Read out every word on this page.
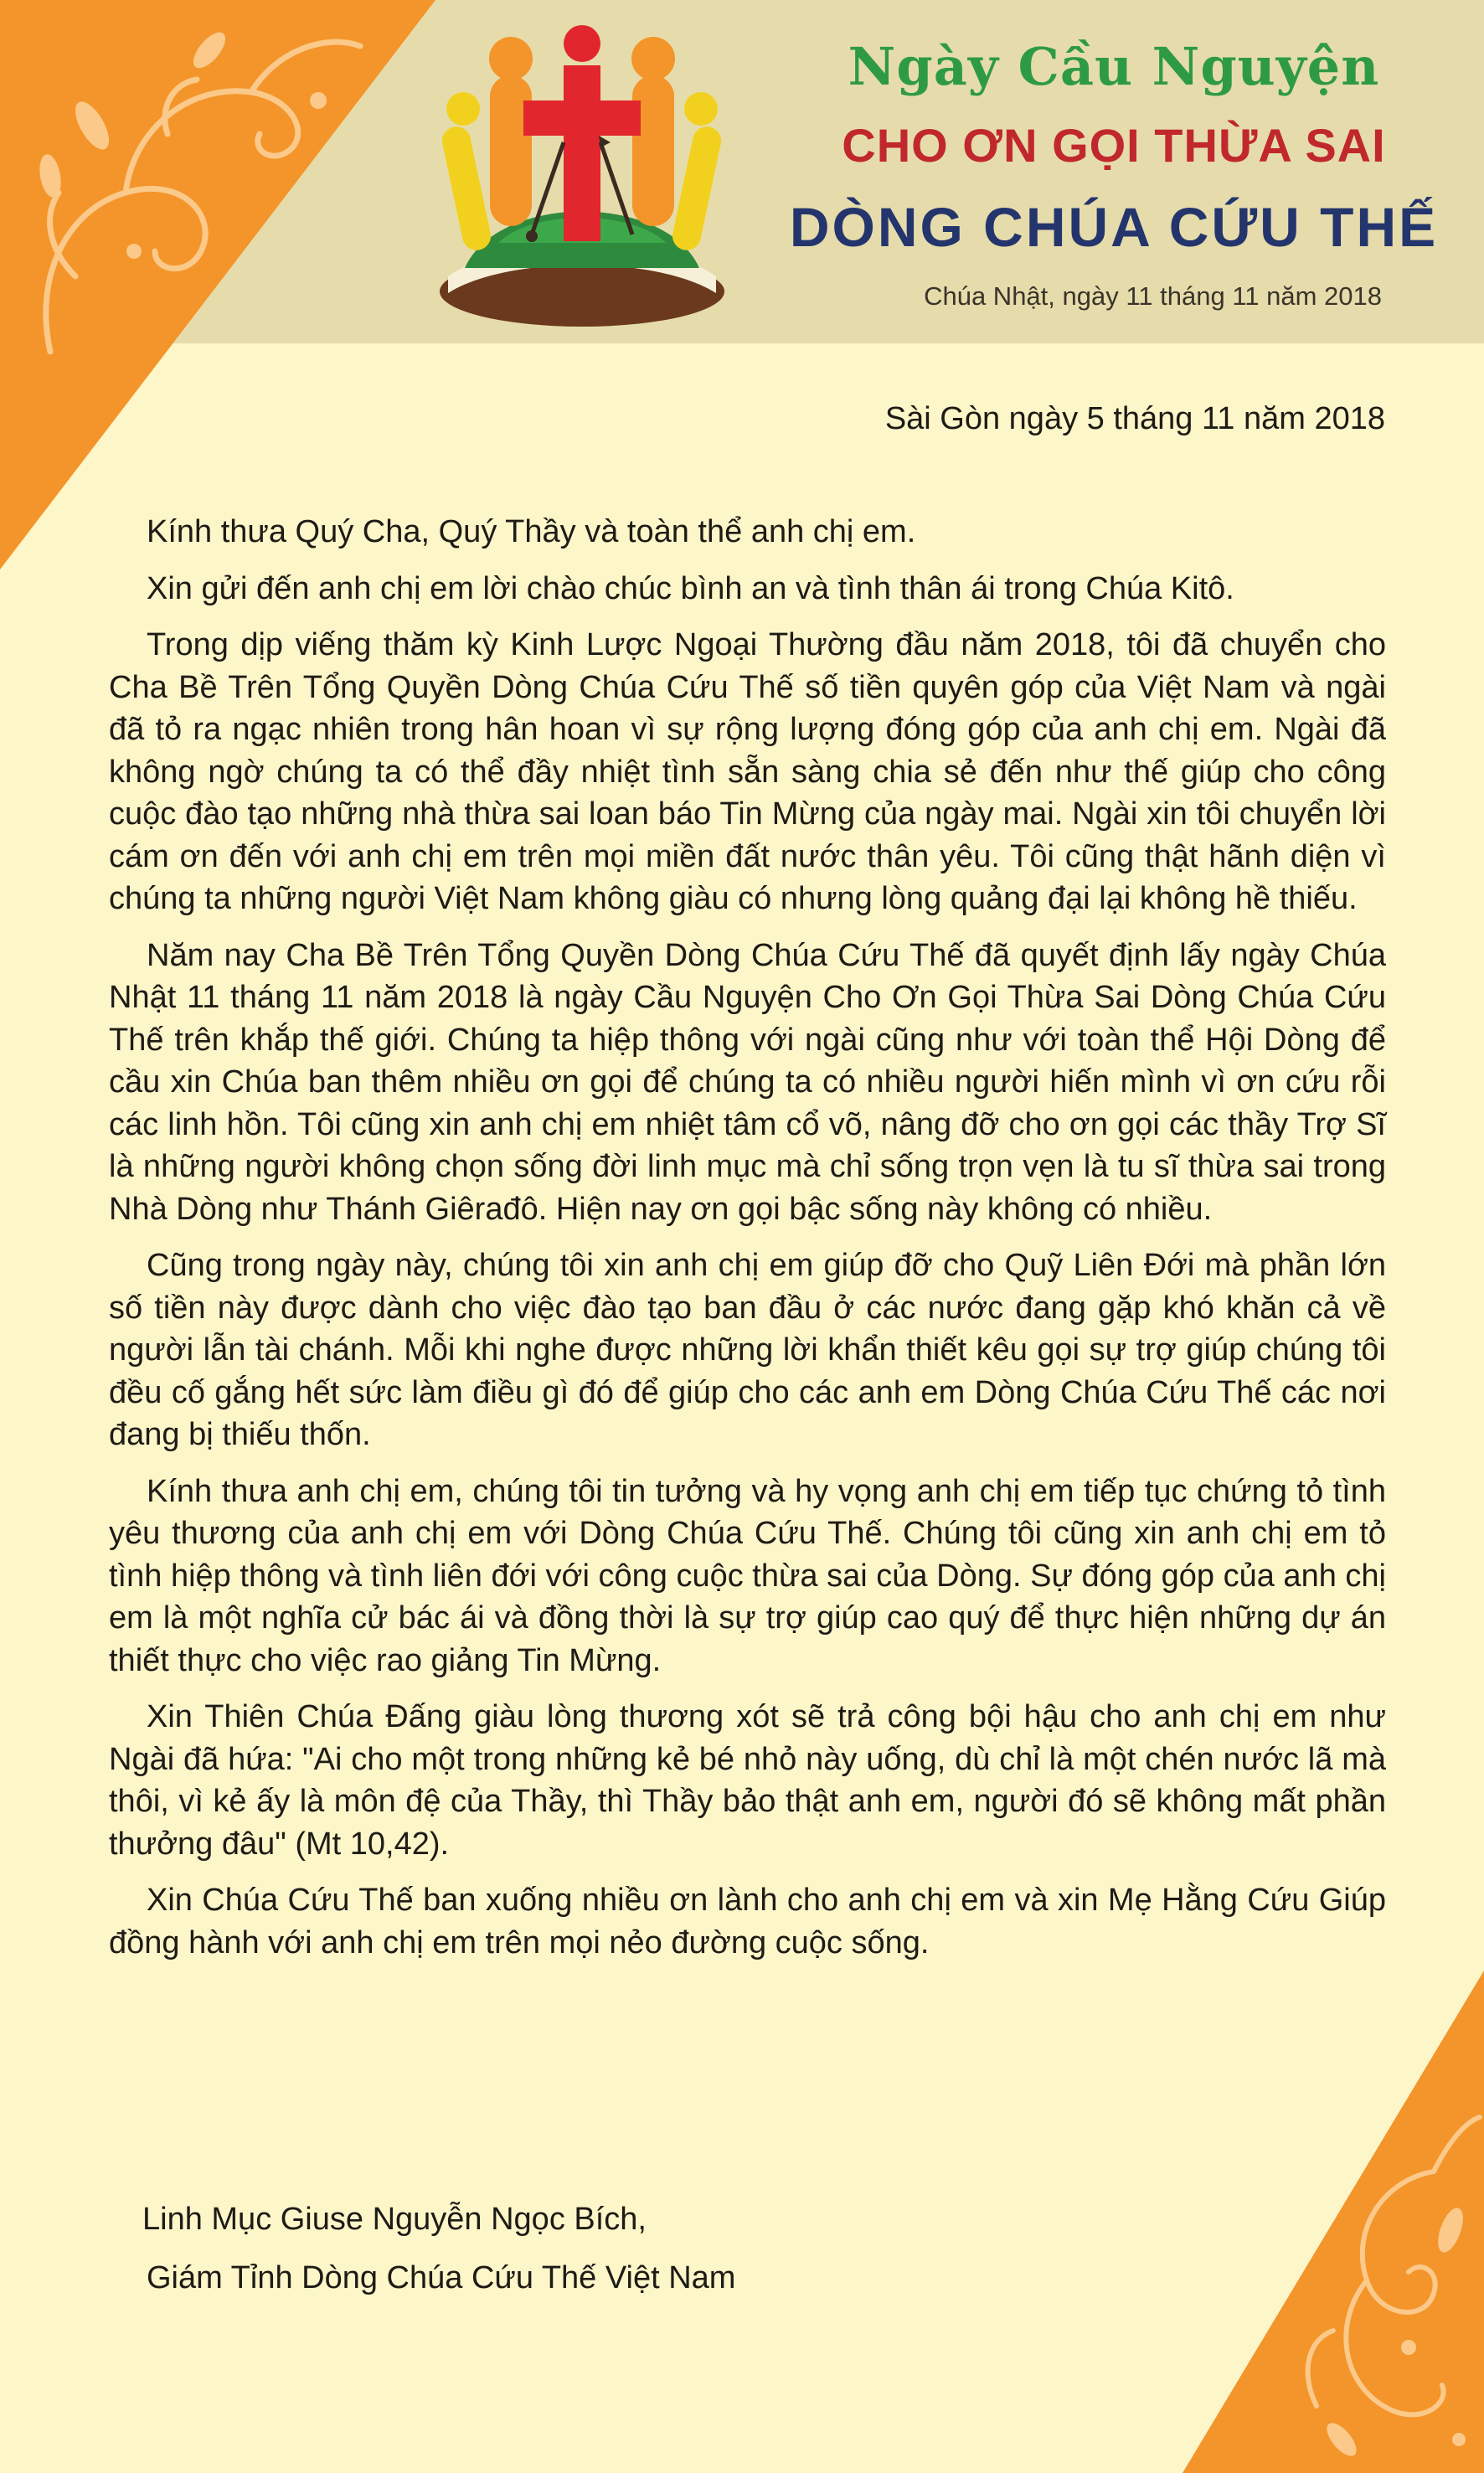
Ngày Cầu Nguyện
CHO ƠN GỌI THỪA SAI
DÒNG CHÚA CỨU THẾ
Chúa Nhật, ngày 11 tháng 11 năm 2018
Sài Gòn ngày 5 tháng 11 năm 2018

Kính thưa Quý Cha, Quý Thầy và toàn thể anh chị em.

Xin gửi đến anh chị em lời chào chúc bình an và tình thân ái trong Chúa Kitô.

Trong dịp viếng thăm kỳ Kinh Lược Ngoại Thường đầu năm 2018, tôi đã chuyển cho Cha Bề Trên Tổng Quyền Dòng Chúa Cứu Thế số tiền quyên góp của Việt Nam và ngài đã tỏ ra ngạc nhiên trong hân hoan vì sự rộng lượng đóng góp của anh chị em. Ngài đã không ngờ chúng ta có thể đầy nhiệt tình sẵn sàng chia sẻ đến như thế giúp cho công cuộc đào tạo những nhà thừa sai loan báo Tin Mừng của ngày mai. Ngài xin tôi chuyển lời cám ơn đến với anh chị em trên mọi miền đất nước thân yêu. Tôi cũng thật hãnh diện vì chúng ta những người Việt Nam không giàu có nhưng lòng quảng đại lại không hề thiếu.

Năm nay Cha Bề Trên Tổng Quyền Dòng Chúa Cứu Thế đã quyết định lấy ngày Chúa Nhật 11 tháng 11 năm 2018 là ngày Cầu Nguyện Cho Ơn Gọi Thừa Sai Dòng Chúa Cứu Thế trên khắp thế giới. Chúng ta hiệp thông với ngài cũng như với toàn thể Hội Dòng để cầu xin Chúa ban thêm nhiều ơn gọi để chúng ta có nhiều người hiến mình vì ơn cứu rỗi các linh hồn. Tôi cũng xin anh chị em nhiệt tâm cổ võ, nâng đỡ cho ơn gọi các thầy Trợ Sĩ là những người không chọn sống đời linh mục mà chỉ sống trọn vẹn là tu sĩ thừa sai trong Nhà Dòng như Thánh Giêrađô. Hiện nay ơn gọi bậc sống này không có nhiều.

Cũng trong ngày này, chúng tôi xin anh chị em giúp đỡ cho Quỹ Liên Đới mà phần lớn số tiền này được dành cho việc đào tạo ban đầu ở các nước đang gặp khó khăn cả về người lẫn tài chánh. Mỗi khi nghe được những lời khẩn thiết kêu gọi sự trợ giúp chúng tôi đều cố gắng hết sức làm điều gì đó để giúp cho các anh em Dòng Chúa Cứu Thế các nơi đang bị thiếu thốn.

Kính thưa anh chị em, chúng tôi tin tưởng và hy vọng anh chị em tiếp tục chứng tỏ tình yêu thương của anh chị em với Dòng Chúa Cứu Thế. Chúng tôi cũng xin anh chị em tỏ tình hiệp thông và tình liên đới với công cuộc thừa sai của Dòng. Sự đóng góp của anh chị em là một nghĩa cử bác ái và đồng thời là sự trợ giúp cao quý để thực hiện những dự án thiết thực cho việc rao giảng Tin Mừng.

Xin Thiên Chúa Đấng giàu lòng thương xót sẽ trả công bội hậu cho anh chị em như Ngài đã hứa: "Ai cho một trong những kẻ bé nhỏ này uống, dù chỉ là một chén nước lã mà thôi, vì kẻ ấy là môn đệ của Thầy, thì Thầy bảo thật anh em, người đó sẽ không mất phần thưởng đâu" (Mt 10,42).

Xin Chúa Cứu Thế ban xuống nhiều ơn lành cho anh chị em và xin Mẹ Hằng Cứu Giúp đồng hành với anh chị em trên mọi nẻo đường cuộc sống.

Linh Mục Giuse Nguyễn Ngọc Bích,
Giám Tỉnh Dòng Chúa Cứu Thế Việt Nam
